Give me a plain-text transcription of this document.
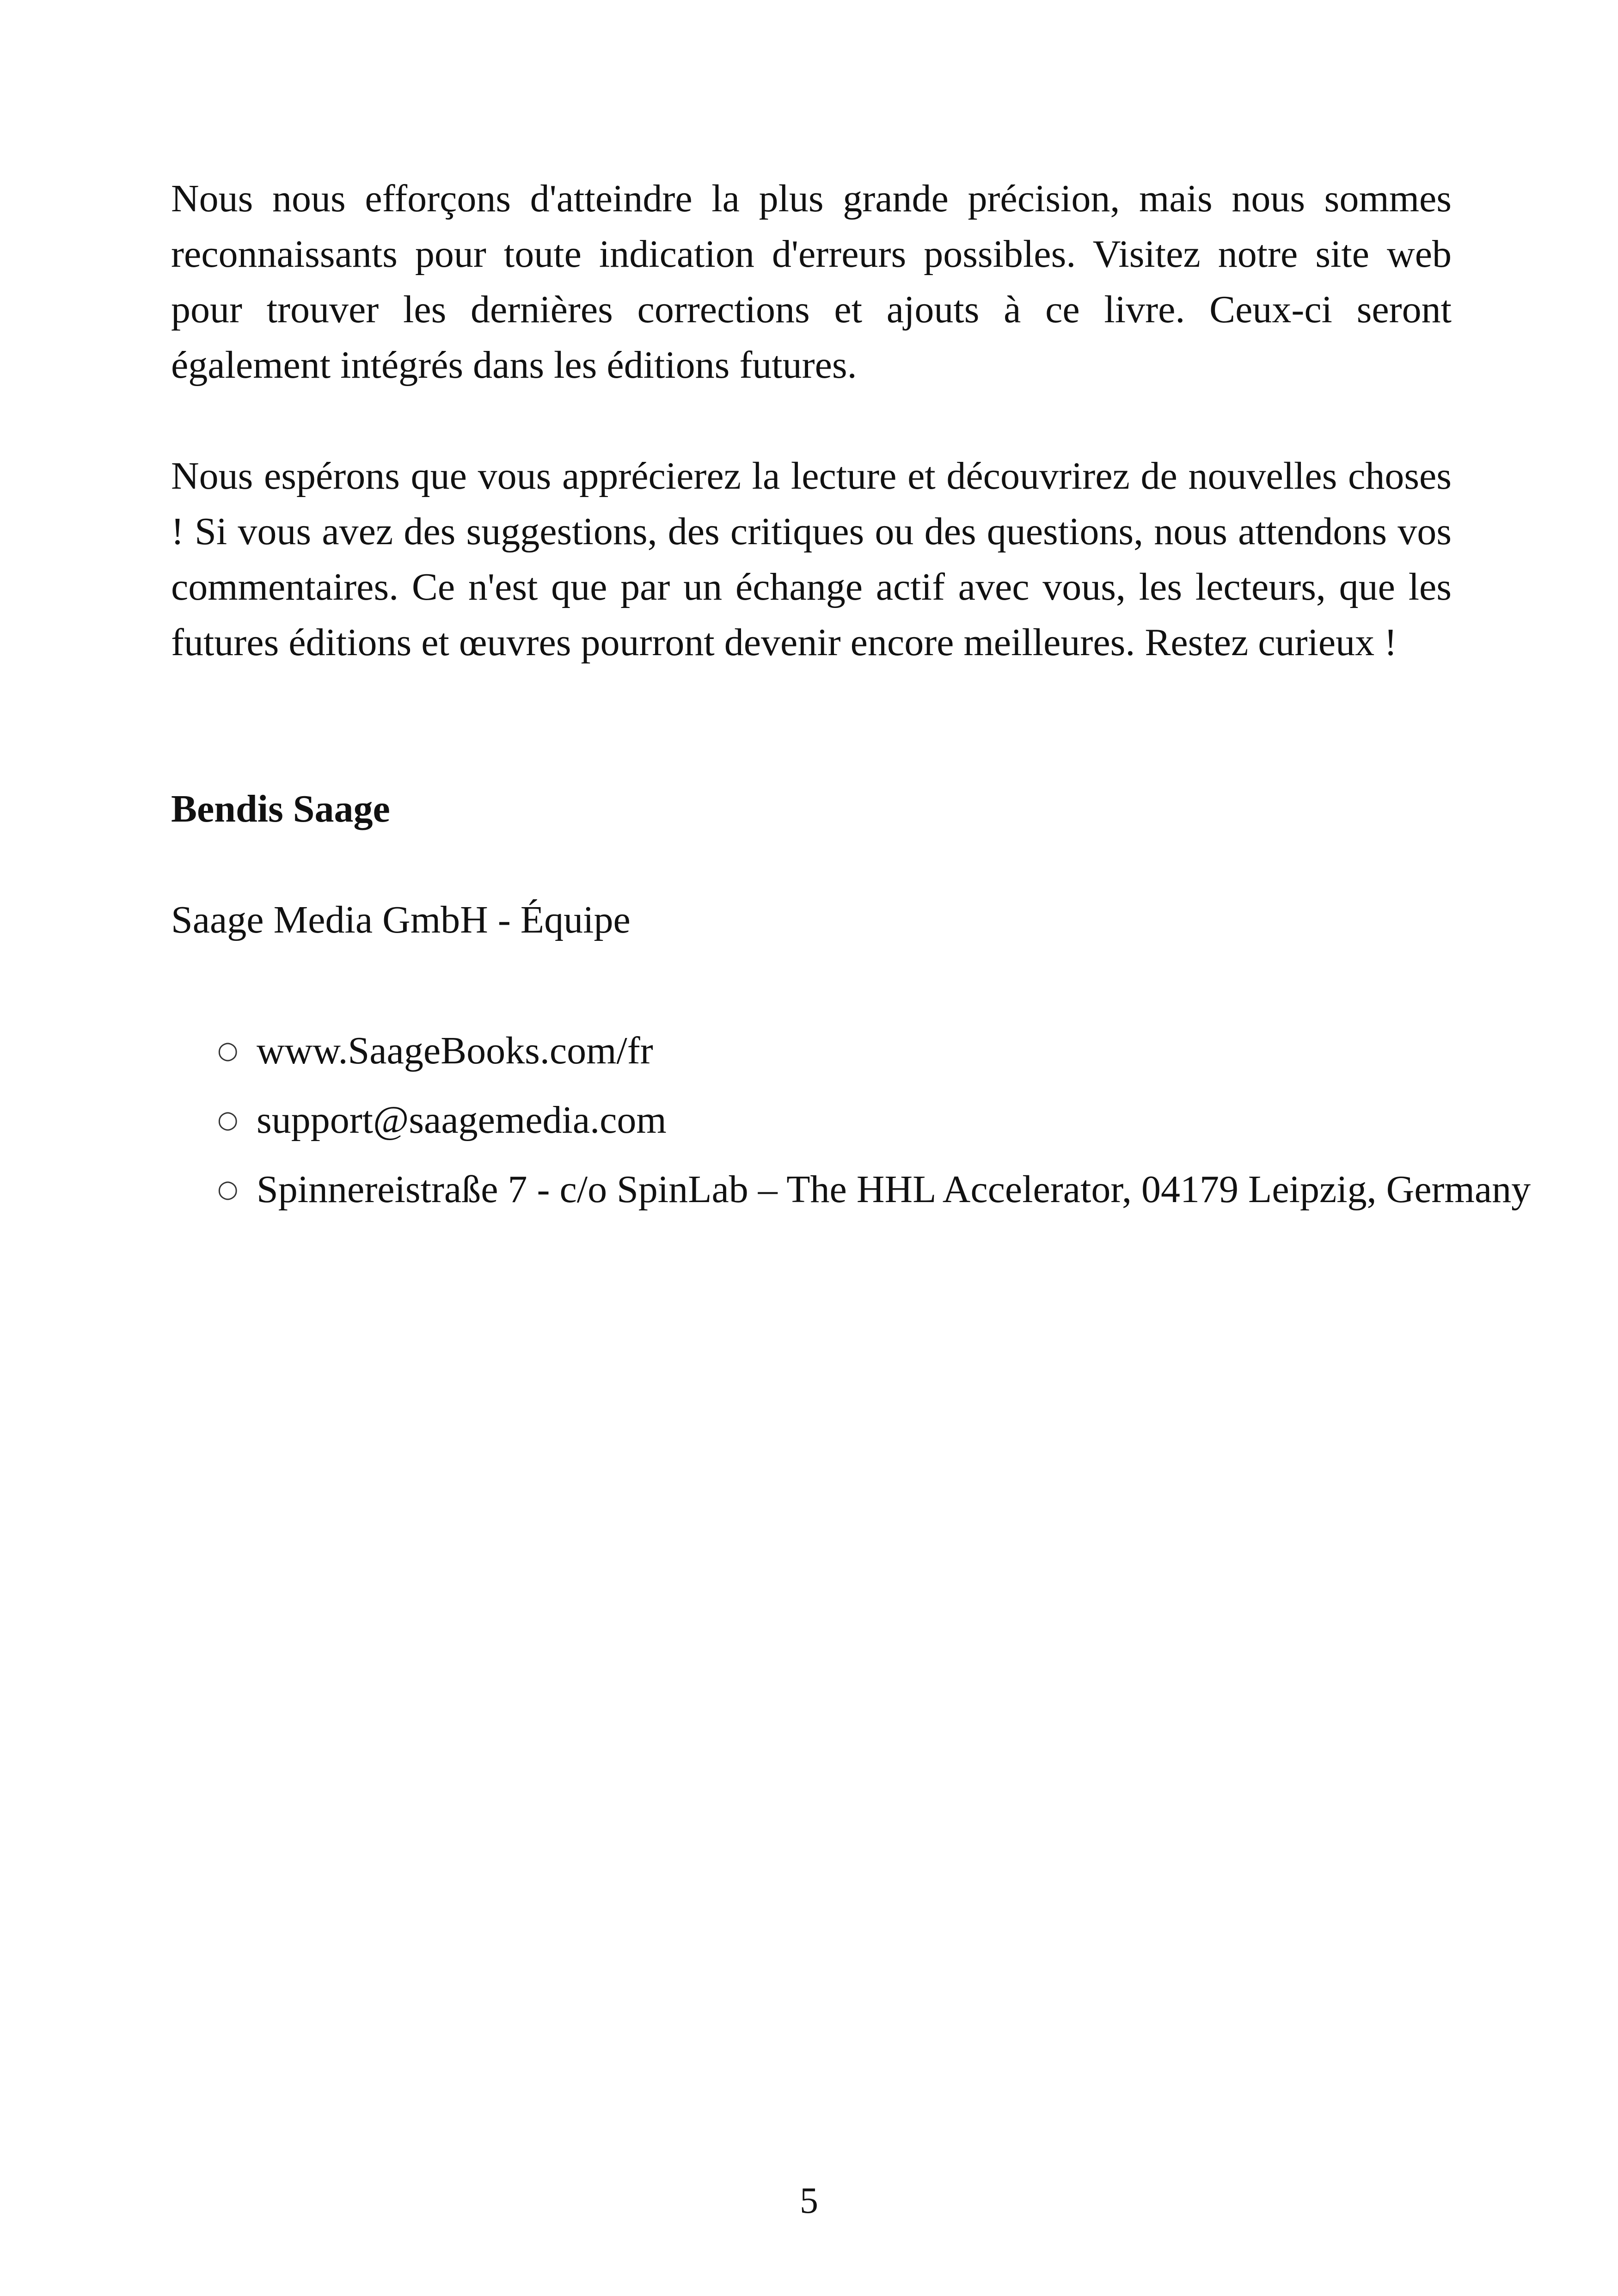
Nous nous efforçons d'atteindre la plus grande précision, mais nous sommes reconnaissants pour toute indication d'erreurs possibles. Visitez notre site web pour trouver les dernières corrections et ajouts à ce livre. Ceux-ci seront également intégrés dans les éditions futures.

Nous espérons que vous apprécierez la lecture et découvrirez de nouvelles choses ! Si vous avez des suggestions, des critiques ou des questions, nous attendons vos commentaires. Ce n'est que par un échange actif avec vous, les lecteurs, que les futures éditions et œuvres pourront devenir encore meilleures. Restez curieux !

Bendis Saage

Saage Media GmbH - Équipe

○ www.SaageBooks.com/fr
○ support@saagemedia.com
○ Spinnereistraße 7 - c/o SpinLab – The HHL Accelerator, 04179 Leipzig, Germany
5
